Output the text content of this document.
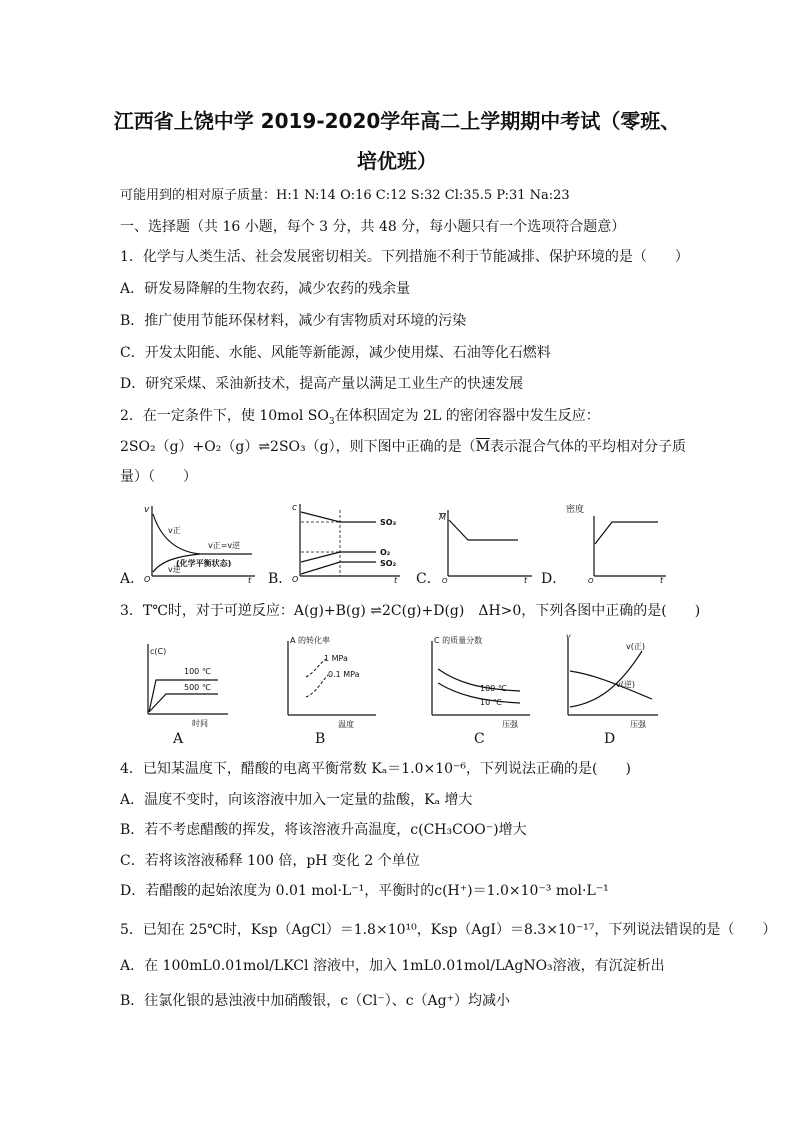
江西省上饶中学 2019-2020学年高二上学期期中考试（零班、
培优班）
可能用到的相对原子质量：H:1 N:14 O:16 C:12 S:32 Cl:35.5 P:31 Na:23
一、选择题（共 16 小题，每个 3 分，共 48 分，每小题只有一个选项符合题意）
1．化学与人类生活、社会发展密切相关。下列措施不利于节能减排、保护环境的是（　　）
A．研发易降解的生物农药，减少农药的残余量
B．推广使用节能环保材料，减少有害物质对环境的污染
C．开发太阳能、水能、风能等新能源，减少使用煤、石油等化石燃料
D．研究采煤、采油新技术，提高产量以满足工业生产的快速发展
2．在一定条件下，使 10mol $SO_3$在体积固定为 2L 的密闭容器中发生反应：
2SO₂（g）+O₂（g）⇌2SO₃（g），则下图中正确的是（$\overline{M}$表示混合气体的平均相对分子质
量）（　　）
A．
v
v正
v逆
v正=v逆
(化学平衡状态)
O	t B．
c
SO₃
O₂
SO₂
O	t C．
M
O	t D．
密度
O	t
3．T℃时，对于可逆反应：A(g)+B(g) ⇌2C(g)+D(g)　ΔH>0，下列各图中正确的是(　　)
c(C)
100 ℃
500 ℃
时间
A
A 的转化率
1 MPa
0.1 MPa
温度
B
C 的质量分数
100 ℃
10 ℃
压强
C
v
v(正)
v(逆)
压强
D
4．已知某温度下，醋酸的电离平衡常数 Kₐ＝1.0×10⁻⁶，下列说法正确的是(　　)
A．温度不变时，向该溶液中加入一定量的盐酸，Kₐ 增大
B．若不考虑醋酸的挥发，将该溶液升高温度，c(CH₃COO⁻)增大
C．若将该溶液稀释 100 倍，pH 变化 2 个单位
D．若醋酸的起始浓度为 0.01 mol·L⁻¹，平衡时的c(H⁺)＝1.0×10⁻³ mol·L⁻¹
5．已知在 25℃时，Ksp（AgCl）＝1.8×10¹⁰，Ksp（AgI）＝8.3×10⁻¹⁷，下列说法错误的是（　　）
A．在 100mL0.01mol/LKCl 溶液中，加入 1mL0.01mol/LAgNO₃溶液，有沉淀析出
B．往氯化银的悬浊液中加硝酸银，c（Cl⁻）、c（Ag⁺）均减小
